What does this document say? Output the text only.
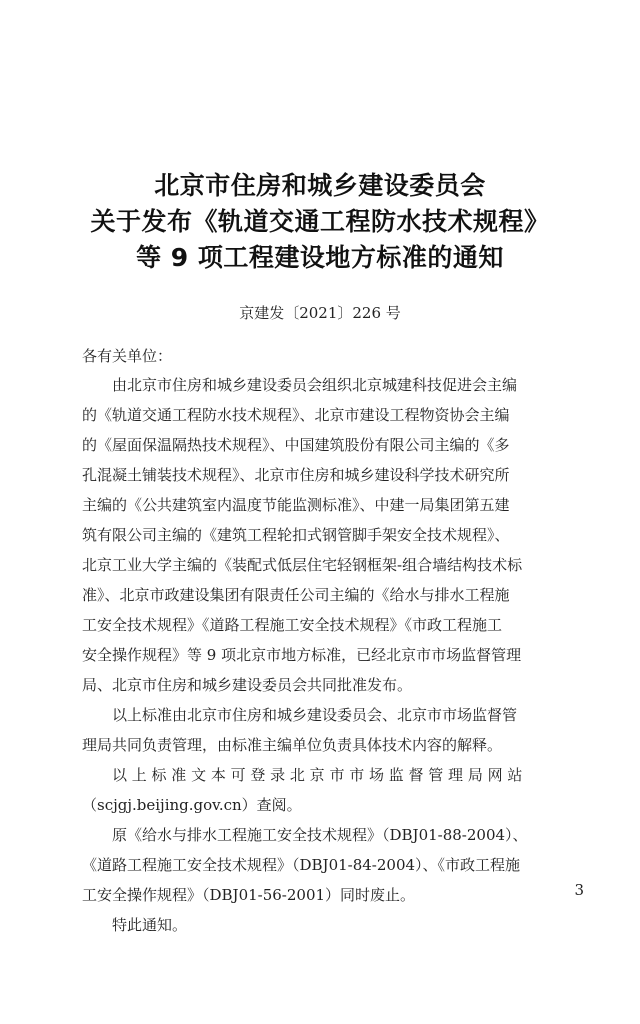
北京市住房和城乡建设委员会
关于发布《轨道交通工程防水技术规程》
等 9 项工程建设地方标准的通知
京建发〔2021〕226 号
各有关单位：
由北京市住房和城乡建设委员会组织北京城建科技促进会主编
的《轨道交通工程防水技术规程》、北京市建设工程物资协会主编
的《屋面保温隔热技术规程》、中国建筑股份有限公司主编的《多
孔混凝土铺装技术规程》、北京市住房和城乡建设科学技术研究所
主编的《公共建筑室内温度节能监测标准》、中建一局集团第五建
筑有限公司主编的《建筑工程轮扣式钢管脚手架安全技术规程》、
北京工业大学主编的《装配式低层住宅轻钢框架-组合墙结构技术标
准》、北京市政建设集团有限责任公司主编的《给水与排水工程施
工安全技术规程》《道路工程施工安全技术规程》《市政工程施工
安全操作规程》等 9 项北京市地方标准，已经北京市市场监督管理
局、北京市住房和城乡建设委员会共同批准发布。
以上标准由北京市住房和城乡建设委员会、北京市市场监督管
理局共同负责管理，由标准主编单位负责具体技术内容的解释。
以 上 标 准 文 本 可 登 录 北 京 市 市 场 监 督 管 理 局 网 站
（scjgj.beijing.gov.cn）查阅。
原《给水与排水工程施工安全技术规程》（DBJ01-88-2004）、
《道路工程施工安全技术规程》（DBJ01-84-2004）、《市政工程施
工安全操作规程》（DBJ01-56-2001）同时废止。
特此通知。
3
